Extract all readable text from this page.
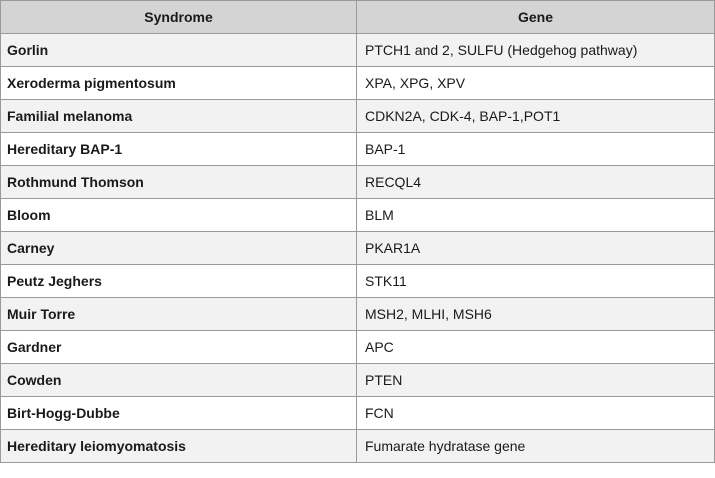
Syndrome	Gene
Gorlin	PTCH1 and 2, SULFU (Hedgehog pathway)
Xeroderma pigmentosum	XPA, XPG, XPV
Familial melanoma	CDKN2A, CDK-4, BAP-1,POT1
Hereditary BAP-1	BAP-1
Rothmund Thomson	RECQL4
Bloom	BLM
Carney	PKAR1A
Peutz Jeghers	STK11
Muir Torre	MSH2, MLHI, MSH6
Gardner	APC
Cowden	PTEN
Birt-Hogg-Dubbe	FCN
Hereditary leiomyomatosis	Fumarate hydratase gene
